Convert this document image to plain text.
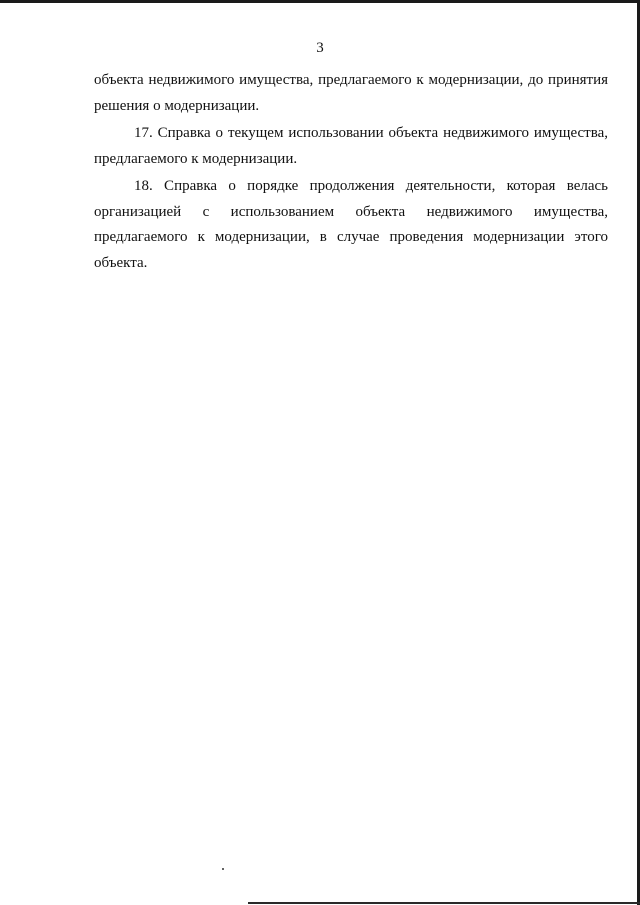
3

объекта недвижимого имущества, предлагаемого к модернизации, до принятия решения о модернизации.

17. Справка о текущем использовании объекта недвижимого имущества, предлагаемого к модернизации.

18. Справка о порядке продолжения деятельности, которая велась организацией с использованием объекта недвижимого имущества, предлагаемого к модернизации, в случае проведения модернизации этого объекта.
